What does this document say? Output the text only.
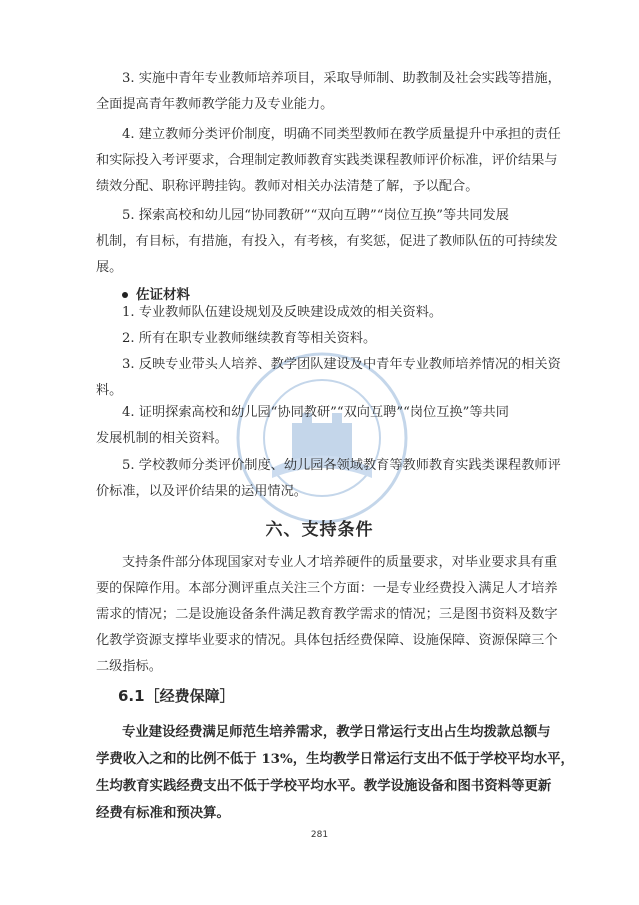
3. 实施中青年专业教师培养项目，采取导师制、助教制及社会实践等措施，
全面提高青年教师教学能力及专业能力。

4. 建立教师分类评价制度，明确不同类型教师在教学质量提升中承担的责任
和实际投入考评要求，合理制定教师教育实践类课程教师评价标准，评价结果与
绩效分配、职称评聘挂钩。教师对相关办法清楚了解，予以配合。

5. 探索高校和幼儿园“协同教研”“双向互聘”“岗位互换”等共同发展
机制，有目标，有措施，有投入，有考核，有奖惩，促进了教师队伍的可持续发
展。

佐证材料

1. 专业教师队伍建设规划及反映建设成效的相关资料。

2. 所有在职专业教师继续教育等相关资料。

3. 反映专业带头人培养、教学团队建设及中青年专业教师培养情况的相关资
料。

4. 证明探索高校和幼儿园“协同教研”“双向互聘”“岗位互换”等共同
发展机制的相关资料。

5. 学校教师分类评价制度、幼儿园各领域教育等教师教育实践类课程教师评
价标准，以及评价结果的运用情况。

六、支持条件

支持条件部分体现国家对专业人才培养硬件的质量要求，对毕业要求具有重
要的保障作用。本部分测评重点关注三个方面：一是专业经费投入满足人才培养
需求的情况；二是设施设备条件满足教育教学需求的情况；三是图书资料及数字
化教学资源支撑毕业要求的情况。具体包括经费保障、设施保障、资源保障三个
二级指标。

6.1［经费保障］

专业建设经费满足师范生培养需求，教学日常运行支出占生均拨款总额与
学费收入之和的比例不低于 13%，生均教学日常运行支出不低于学校平均水平，
生均教育实践经费支出不低于学校平均水平。教学设施设备和图书资料等更新
经费有标准和预决算。

281
